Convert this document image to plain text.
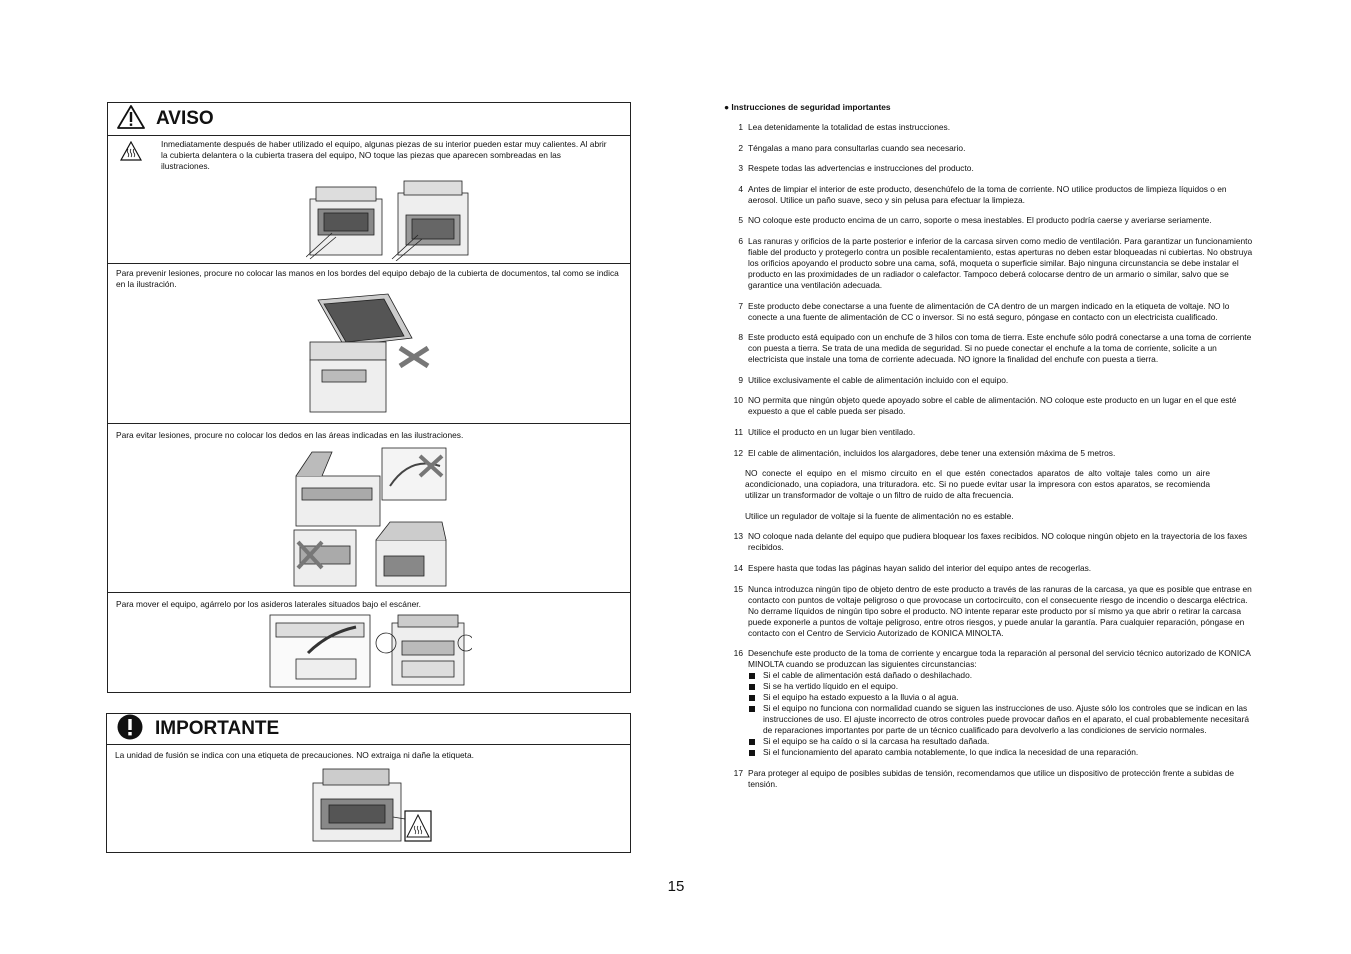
AVISO

Inmediatamente después de haber utilizado el equipo, algunas piezas de su interior pueden estar muy calientes. Al abrir la cubierta delantera o la cubierta trasera del equipo, NO toque las piezas que aparecen sombreadas en las ilustraciones.

Para prevenir lesiones, procure no colocar las manos en los bordes del equipo debajo de la cubierta de documentos, tal como se indica en la ilustración.

Para evitar lesiones, procure no colocar los dedos en las áreas indicadas en las ilustraciones.

Para mover el equipo, agárrelo por los asideros laterales situados bajo el escáner.

IMPORTANTE

La unidad de fusión se indica con una etiqueta de precauciones. NO extraiga ni dañe la etiqueta.

● Instrucciones de seguridad importantes
1 Lea detenidamente la totalidad de estas instrucciones.
2 Téngalas a mano para consultarlas cuando sea necesario.
3 Respete todas las advertencias e instrucciones del producto.
4 Antes de limpiar el interior de este producto, desenchúfelo de la toma de corriente. NO utilice productos de limpieza líquidos o en aerosol. Utilice un paño suave, seco y sin pelusa para efectuar la limpieza.
5 NO coloque este producto encima de un carro, soporte o mesa inestables. El producto podría caerse y averiarse seriamente.
6 Las ranuras y orificios de la parte posterior e inferior de la carcasa sirven como medio de ventilación. Para garantizar un funcionamiento fiable del producto y protegerlo contra un posible recalentamiento, estas aperturas no deben estar bloqueadas ni cubiertas. No obstruya los orificios apoyando el producto sobre una cama, sofá, moqueta o superficie similar. Bajo ninguna circunstancia se debe instalar el producto en las proximidades de un radiador o calefactor. Tampoco deberá colocarse dentro de un armario o similar, salvo que se garantice una ventilación adecuada.
7 Este producto debe conectarse a una fuente de alimentación de CA dentro de un margen indicado en la etiqueta de voltaje. NO lo conecte a una fuente de alimentación de CC o inversor. Si no está seguro, póngase en contacto con un electricista cualificado.
8 Este producto está equipado con un enchufe de 3 hilos con toma de tierra. Este enchufe sólo podrá conectarse a una toma de corriente con puesta a tierra. Se trata de una medida de seguridad. Si no puede conectar el enchufe a la toma de corriente, solicite a un electricista que instale una toma de corriente adecuada. NO ignore la finalidad del enchufe con puesta a tierra.
9 Utilice exclusivamente el cable de alimentación incluido con el equipo.
10 NO permita que ningún objeto quede apoyado sobre el cable de alimentación. NO coloque este producto en un lugar en el que esté expuesto a que el cable pueda ser pisado.
11 Utilice el producto en un lugar bien ventilado.
12 El cable de alimentación, incluidos los alargadores, debe tener una extensión máxima de 5 metros.
NO conecte el equipo en el mismo circuito en el que estén conectados aparatos de alto voltaje tales como un aire acondicionado, una copiadora, una trituradora. etc. Si no puede evitar usar la impresora con estos aparatos, se recomienda utilizar un transformador de voltaje o un filtro de ruido de alta frecuencia.
Utilice un regulador de voltaje si la fuente de alimentación no es estable.
13 NO coloque nada delante del equipo que pudiera bloquear los faxes recibidos. NO coloque ningún objeto en la trayectoria de los faxes recibidos.
14 Espere hasta que todas las páginas hayan salido del interior del equipo antes de recogerlas.
15 Nunca introduzca ningún tipo de objeto dentro de este producto a través de las ranuras de la carcasa, ya que es posible que entrase en contacto con puntos de voltaje peligroso o que provocase un cortocircuito, con el consecuente riesgo de incendio o descarga eléctrica. No derrame líquidos de ningún tipo sobre el producto. NO intente reparar este producto por sí mismo ya que abrir o retirar la carcasa puede exponerle a puntos de voltaje peligroso, entre otros riesgos, y puede anular la garantía. Para cualquier reparación, póngase en contacto con el Centro de Servicio Autorizado de KONICA MINOLTA.
16 Desenchufe este producto de la toma de corriente y encargue toda la reparación al personal del servicio técnico autorizado de KONICA MINOLTA cuando se produzcan las siguientes circunstancias:
Si el cable de alimentación está dañado o deshilachado.
Si se ha vertido líquido en el equipo.
Si el equipo ha estado expuesto a la lluvia o al agua.
Si el equipo no funciona con normalidad cuando se siguen las instrucciones de uso. Ajuste sólo los controles que se indican en las instrucciones de uso. El ajuste incorrecto de otros controles puede provocar daños en el aparato, el cual probablemente necesitará de reparaciones importantes por parte de un técnico cualificado para devolverlo a las condiciones de servicio normales.
Si el equipo se ha caído o si la carcasa ha resultado dañada.
Si el funcionamiento del aparato cambia notablemente, lo que indica la necesidad de una reparación.
17 Para proteger al equipo de posibles subidas de tensión, recomendamos que utilice un dispositivo de protección frente a subidas de tensión.
15
